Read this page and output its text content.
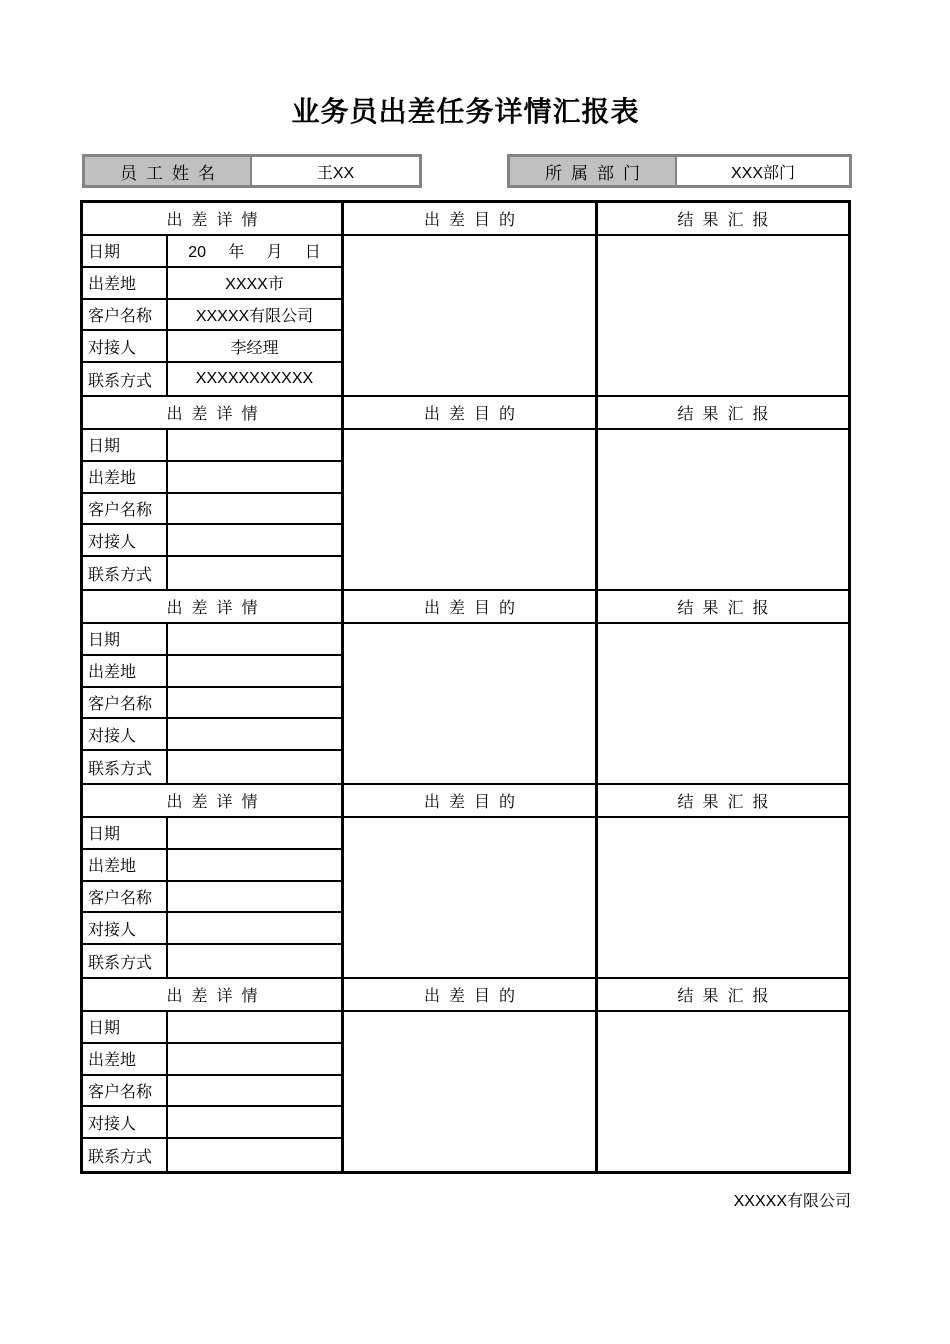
业务员出差任务详情汇报表
员工姓名	王XX	所属部门	XXX部门
出差详情	出差目的	结果汇报
日期	20     年     月     日
出差地	XXXX市
客户名称	XXXXX有限公司
对接人	李经理
联系方式	XXXXXXXXXXX
出差详情	出差目的	结果汇报
日期
出差地
客户名称
对接人
联系方式
出差详情	出差目的	结果汇报
日期
出差地
客户名称
对接人
联系方式
出差详情	出差目的	结果汇报
日期
出差地
客户名称
对接人
联系方式
出差详情	出差目的	结果汇报
日期
出差地
客户名称
对接人
联系方式
XXXXX有限公司
